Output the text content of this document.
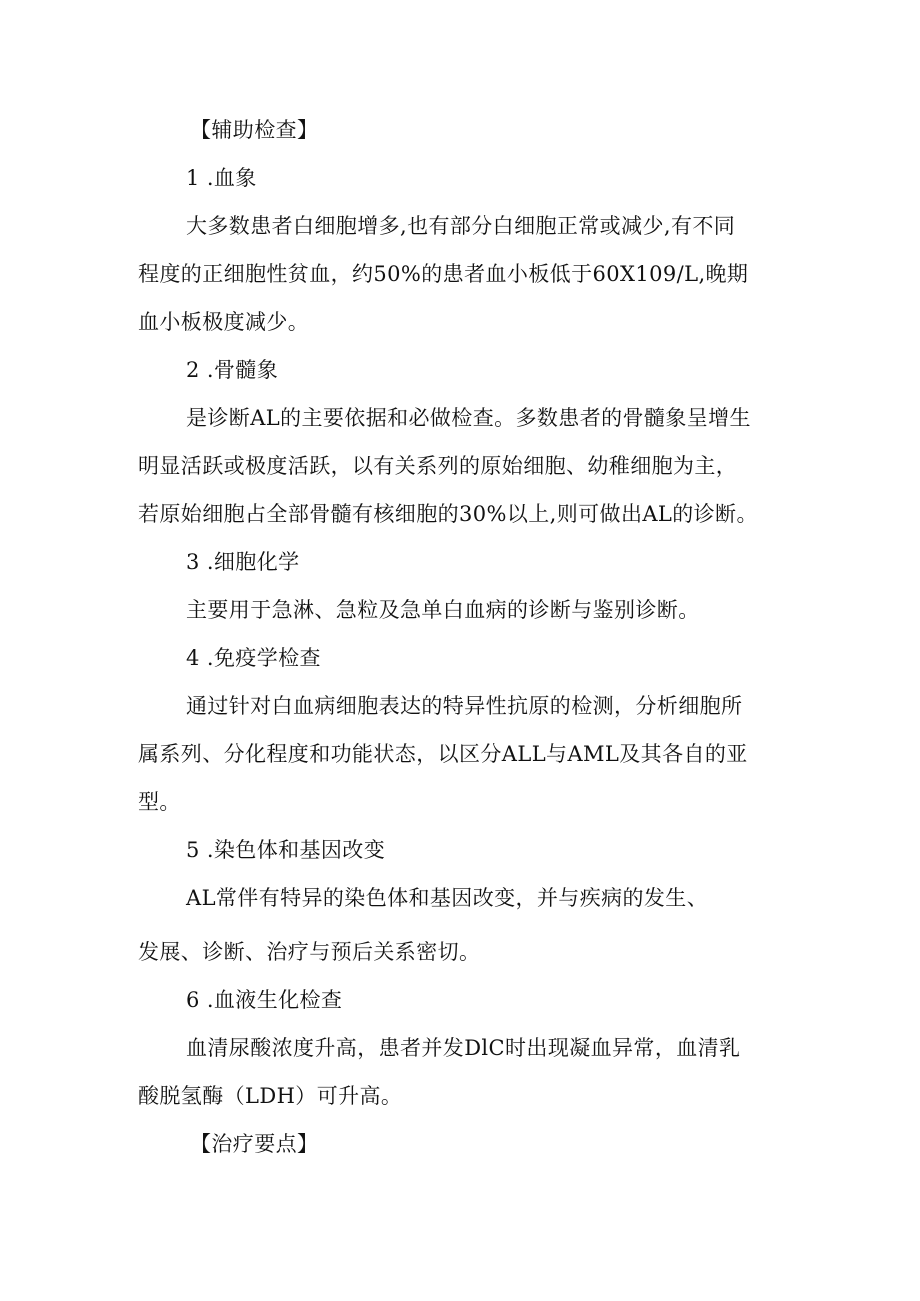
【辅助检查】
1 .血象
大多数患者白细胞增多,也有部分白细胞正常或减少,有不同
程度的正细胞性贫血，约50%的患者血小板低于60X109/L,晚期
血小板极度减少。
2 .骨髓象
是诊断AL的主要依据和必做检查。多数患者的骨髓象呈增生
明显活跃或极度活跃，以有关系列的原始细胞、幼稚细胞为主，
若原始细胞占全部骨髓有核细胞的30%以上,则可做出AL的诊断。
3 .细胞化学
主要用于急淋、急粒及急单白血病的诊断与鉴别诊断。
4 .免疫学检查
通过针对白血病细胞表达的特异性抗原的检测，分析细胞所
属系列、分化程度和功能状态，以区分ALL与AML及其各自的亚
型。
5 .染色体和基因改变
AL常伴有特异的染色体和基因改变，并与疾病的发生、
发展、诊断、治疗与预后关系密切。
6 .血液生化检查
血清尿酸浓度升高，患者并发DlC时出现凝血异常，血清乳
酸脱氢酶（LDH）可升高。
【治疗要点】
